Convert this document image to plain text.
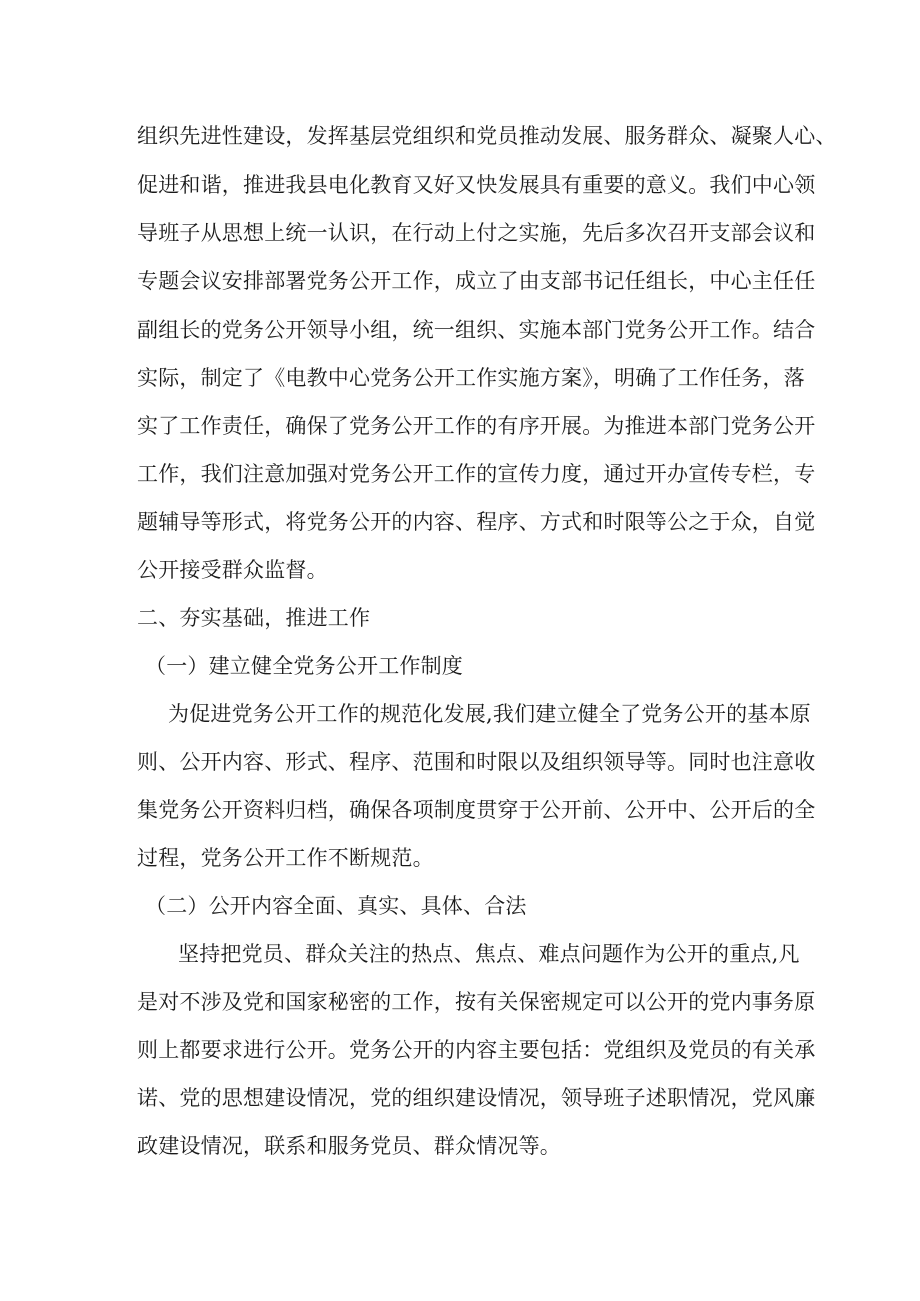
组织先进性建设，发挥基层党组织和党员推动发展、服务群众、凝聚人心、

促进和谐，推进我县电化教育又好又快发展具有重要的意义。我们中心领

导班子从思想上统一认识，在行动上付之实施，先后多次召开支部会议和

专题会议安排部署党务公开工作，成立了由支部书记任组长，中心主任任

副组长的党务公开领导小组，统一组织、实施本部门党务公开工作。结合

实际，制定了《电教中心党务公开工作实施方案》，明确了工作任务，落

实了工作责任，确保了党务公开工作的有序开展。为推进本部门党务公开

工作，我们注意加强对党务公开工作的宣传力度，通过开办宣传专栏，专

题辅导等形式，将党务公开的内容、程序、方式和时限等公之于众，自觉

公开接受群众监督。

二、夯实基础，推进工作

（一）建立健全党务公开工作制度

为促进党务公开工作的规范化发展,我们建立健全了党务公开的基本原

则、公开内容、形式、程序、范围和时限以及组织领导等。同时也注意收

集党务公开资料归档，确保各项制度贯穿于公开前、公开中、公开后的全

过程，党务公开工作不断规范。

（二）公开内容全面、真实、具体、合法

坚持把党员、群众关注的热点、焦点、难点问题作为公开的重点,凡

是对不涉及党和国家秘密的工作，按有关保密规定可以公开的党内事务原

则上都要求进行公开。党务公开的内容主要包括：党组织及党员的有关承

诺、党的思想建设情况，党的组织建设情况，领导班子述职情况，党风廉

政建设情况，联系和服务党员、群众情况等。
